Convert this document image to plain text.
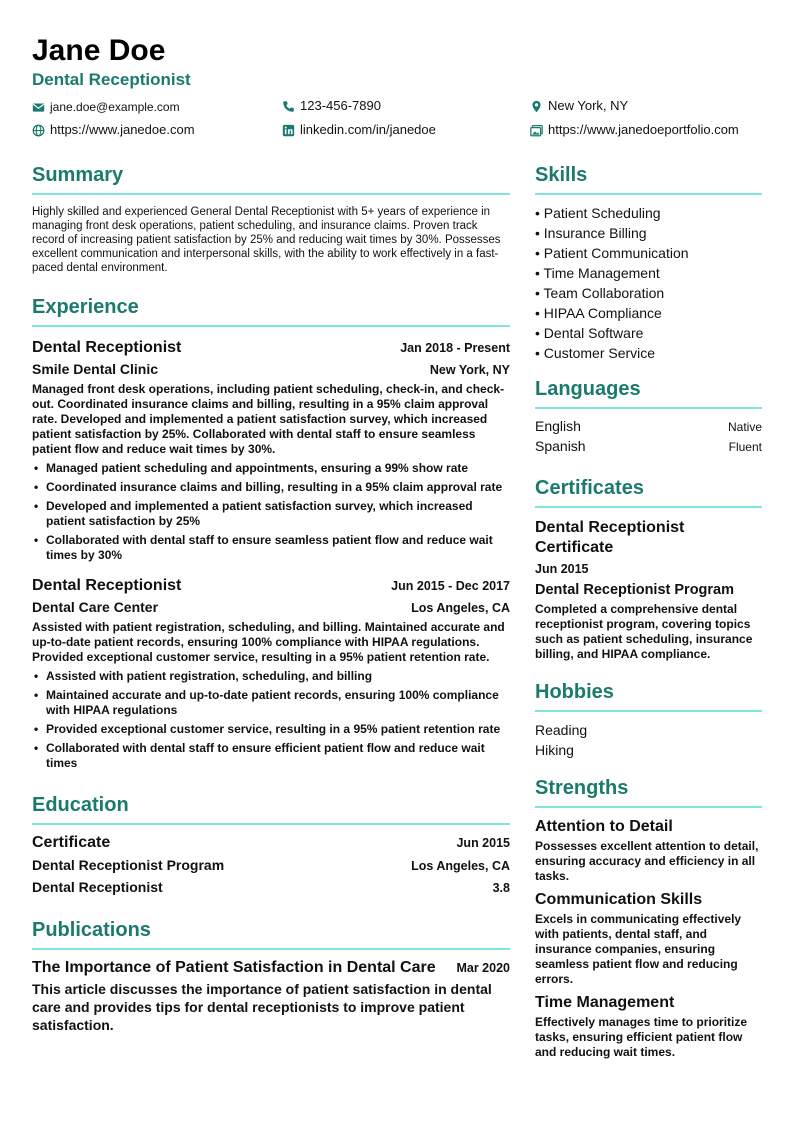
Jane Doe
Dental Receptionist
jane.doe@example.com	123-456-7890	New York, NY
https://www.janedoe.com	linkedin.com/in/janedoe	https://www.janedoeportfolio.com
Summary

Highly skilled and experienced General Dental Receptionist with 5+ years of experience in managing front desk operations, patient scheduling, and insurance claims. Proven track record of increasing patient satisfaction by 25% and reducing wait times by 30%. Possesses excellent communication and interpersonal skills, with the ability to work effectively in a fast-paced dental environment.

Experience
Dental Receptionist	Jan 2018 - Present
Smile Dental Clinic	New York, NY

Managed front desk operations, including patient scheduling, check-in, and check-out. Coordinated insurance claims and billing, resulting in a 95% claim approval rate. Developed and implemented a patient satisfaction survey, which increased patient satisfaction by 25%. Collaborated with dental staff to ensure seamless patient flow and reduce wait times by 30%.

• Managed patient scheduling and appointments, ensuring a 99% show rate
• Coordinated insurance claims and billing, resulting in a 95% claim approval rate
• Developed and implemented a patient satisfaction survey, which increased patient satisfaction by 25%
• Collaborated with dental staff to ensure seamless patient flow and reduce wait times by 30%
Dental Receptionist	Jun 2015 - Dec 2017
Dental Care Center	Los Angeles, CA

Assisted with patient registration, scheduling, and billing. Maintained accurate and up-to-date patient records, ensuring 100% compliance with HIPAA regulations. Provided exceptional customer service, resulting in a 95% patient retention rate.

• Assisted with patient registration, scheduling, and billing
• Maintained accurate and up-to-date patient records, ensuring 100% compliance with HIPAA regulations
• Provided exceptional customer service, resulting in a 95% patient retention rate
• Collaborated with dental staff to ensure efficient patient flow and reduce wait times
Education
Certificate	Jun 2015
Dental Receptionist Program	Los Angeles, CA
Dental Receptionist	3.8
Publications
The Importance of Patient Satisfaction in Dental Care Mar 2020

This article discusses the importance of patient satisfaction in dental care and provides tips for dental receptionists to improve patient satisfaction.

Skills
• Patient Scheduling
• Insurance Billing
• Patient Communication
• Time Management
• Team Collaboration
• HIPAA Compliance
• Dental Software
• Customer Service
Languages
English	Native
Spanish	Fluent
Certificates
Dental Receptionist Certificate
Jun 2015
Dental Receptionist Program

Completed a comprehensive dental receptionist program, covering topics such as patient scheduling, insurance billing, and HIPAA compliance.

Hobbies
Reading
Hiking
Strengths
Attention to Detail

Possesses excellent attention to detail, ensuring accuracy and efficiency in all tasks.

Communication Skills

Excels in communicating effectively with patients, dental staff, and insurance companies, ensuring seamless patient flow and reducing errors.

Time Management

Effectively manages time to prioritize tasks, ensuring efficient patient flow and reducing wait times.
